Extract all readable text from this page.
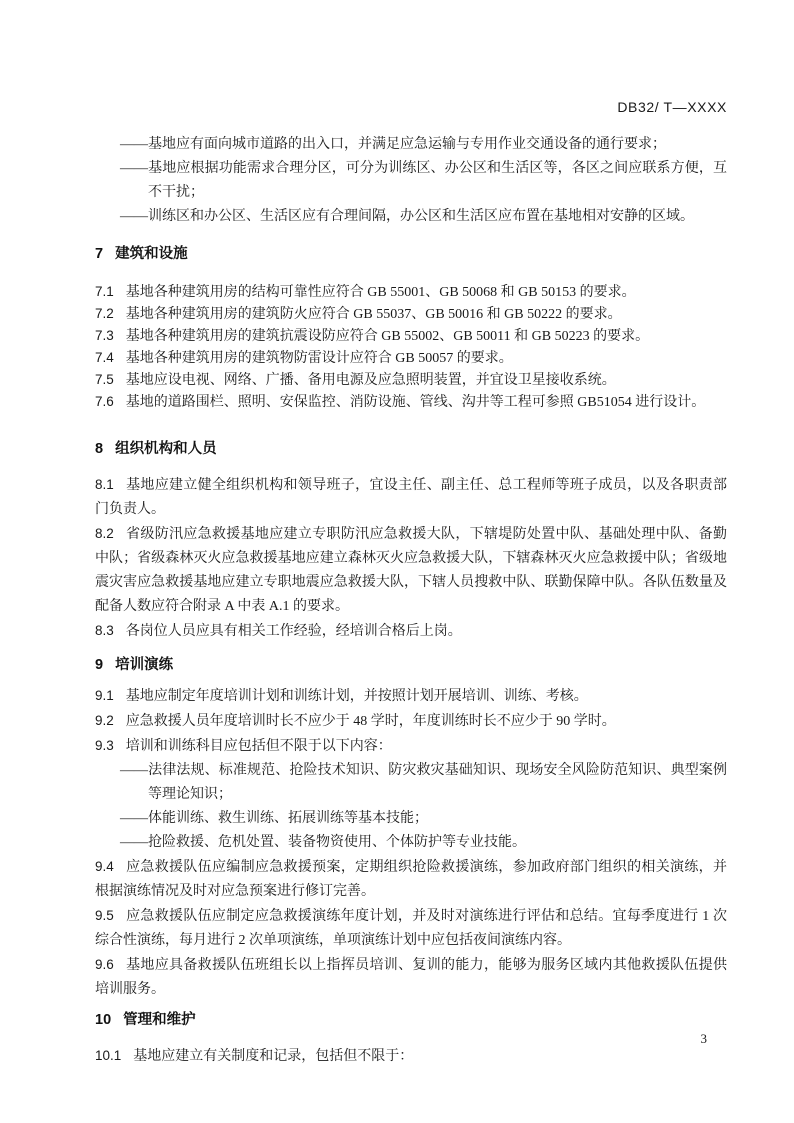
DB32/ T—XXXX

——基地应有面向城市道路的出入口，并满足应急运输与专用作业交通设备的通行要求；

——基地应根据功能需求合理分区，可分为训练区、办公区和生活区等，各区之间应联系方便，互不干扰；

——训练区和办公区、生活区应有合理间隔，办公区和生活区应布置在基地相对安静的区域。

7 建筑和设施

7.1 基地各种建筑用房的结构可靠性应符合 GB 55001、GB 50068 和 GB 50153 的要求。

7.2 基地各种建筑用房的建筑防火应符合 GB 55037、GB 50016 和 GB 50222 的要求。

7.3 基地各种建筑用房的建筑抗震设防应符合 GB 55002、GB 50011 和 GB 50223 的要求。

7.4 基地各种建筑用房的建筑物防雷设计应符合 GB 50057 的要求。

7.5 基地应设电视、网络、广播、备用电源及应急照明装置，并宜设卫星接收系统。

7.6 基地的道路围栏、照明、安保监控、消防设施、管线、沟井等工程可参照 GB51054 进行设计。

8 组织机构和人员

8.1 基地应建立健全组织机构和领导班子，宜设主任、副主任、总工程师等班子成员，以及各职责部门负责人。

8.2 省级防汛应急救援基地应建立专职防汛应急救援大队，下辖堤防处置中队、基础处理中队、备勤中队；省级森林灭火应急救援基地应建立森林灭火应急救援大队，下辖森林灭火应急救援中队；省级地震灾害应急救援基地应建立专职地震应急救援大队，下辖人员搜救中队、联勤保障中队。各队伍数量及配备人数应符合附录 A 中表 A.1 的要求。

8.3 各岗位人员应具有相关工作经验，经培训合格后上岗。

9 培训演练

9.1 基地应制定年度培训计划和训练计划，并按照计划开展培训、训练、考核。

9.2 应急救援人员年度培训时长不应少于 48 学时，年度训练时长不应少于 90 学时。

9.3 培训和训练科目应包括但不限于以下内容：

——法律法规、标准规范、抢险技术知识、防灾救灾基础知识、现场安全风险防范知识、典型案例等理论知识；

——体能训练、救生训练、拓展训练等基本技能；

——抢险救援、危机处置、装备物资使用、个体防护等专业技能。

9.4 应急救援队伍应编制应急救援预案，定期组织抢险救援演练，参加政府部门组织的相关演练，并根据演练情况及时对应急预案进行修订完善。

9.5 应急救援队伍应制定应急救援演练年度计划，并及时对演练进行评估和总结。宜每季度进行 1 次综合性演练，每月进行 2 次单项演练，单项演练计划中应包括夜间演练内容。

9.6 基地应具备救援队伍班组长以上指挥员培训、复训的能力，能够为服务区域内其他救援队伍提供培训服务。

10 管理和维护

10.1 基地应建立有关制度和记录，包括但不限于：

3
